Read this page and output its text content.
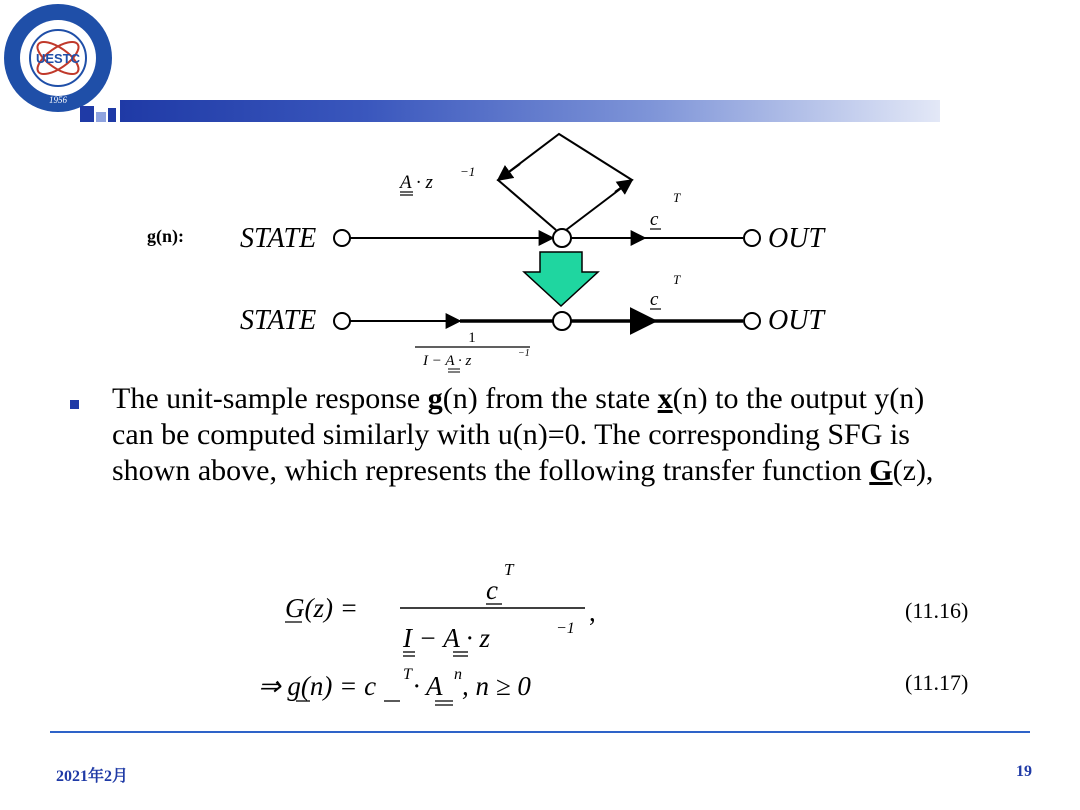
UESTC
1956
g(n): STATE	OUT
A · z
−1
c
T
STATE	OUT
c
T
1
I − A · z	−1
The unit-sample response g(n) from the state x(n) to the output y(n) can be computed similarly with u(n)=0. The corresponding SFG is shown above, which represents the following transfer function G(z),
G(z) =
c
T
I − A · z	−1
,
⇒ g(n) = c T · A n , n ≥ 0
(11.16)
(11.17)
2021年2月	19
